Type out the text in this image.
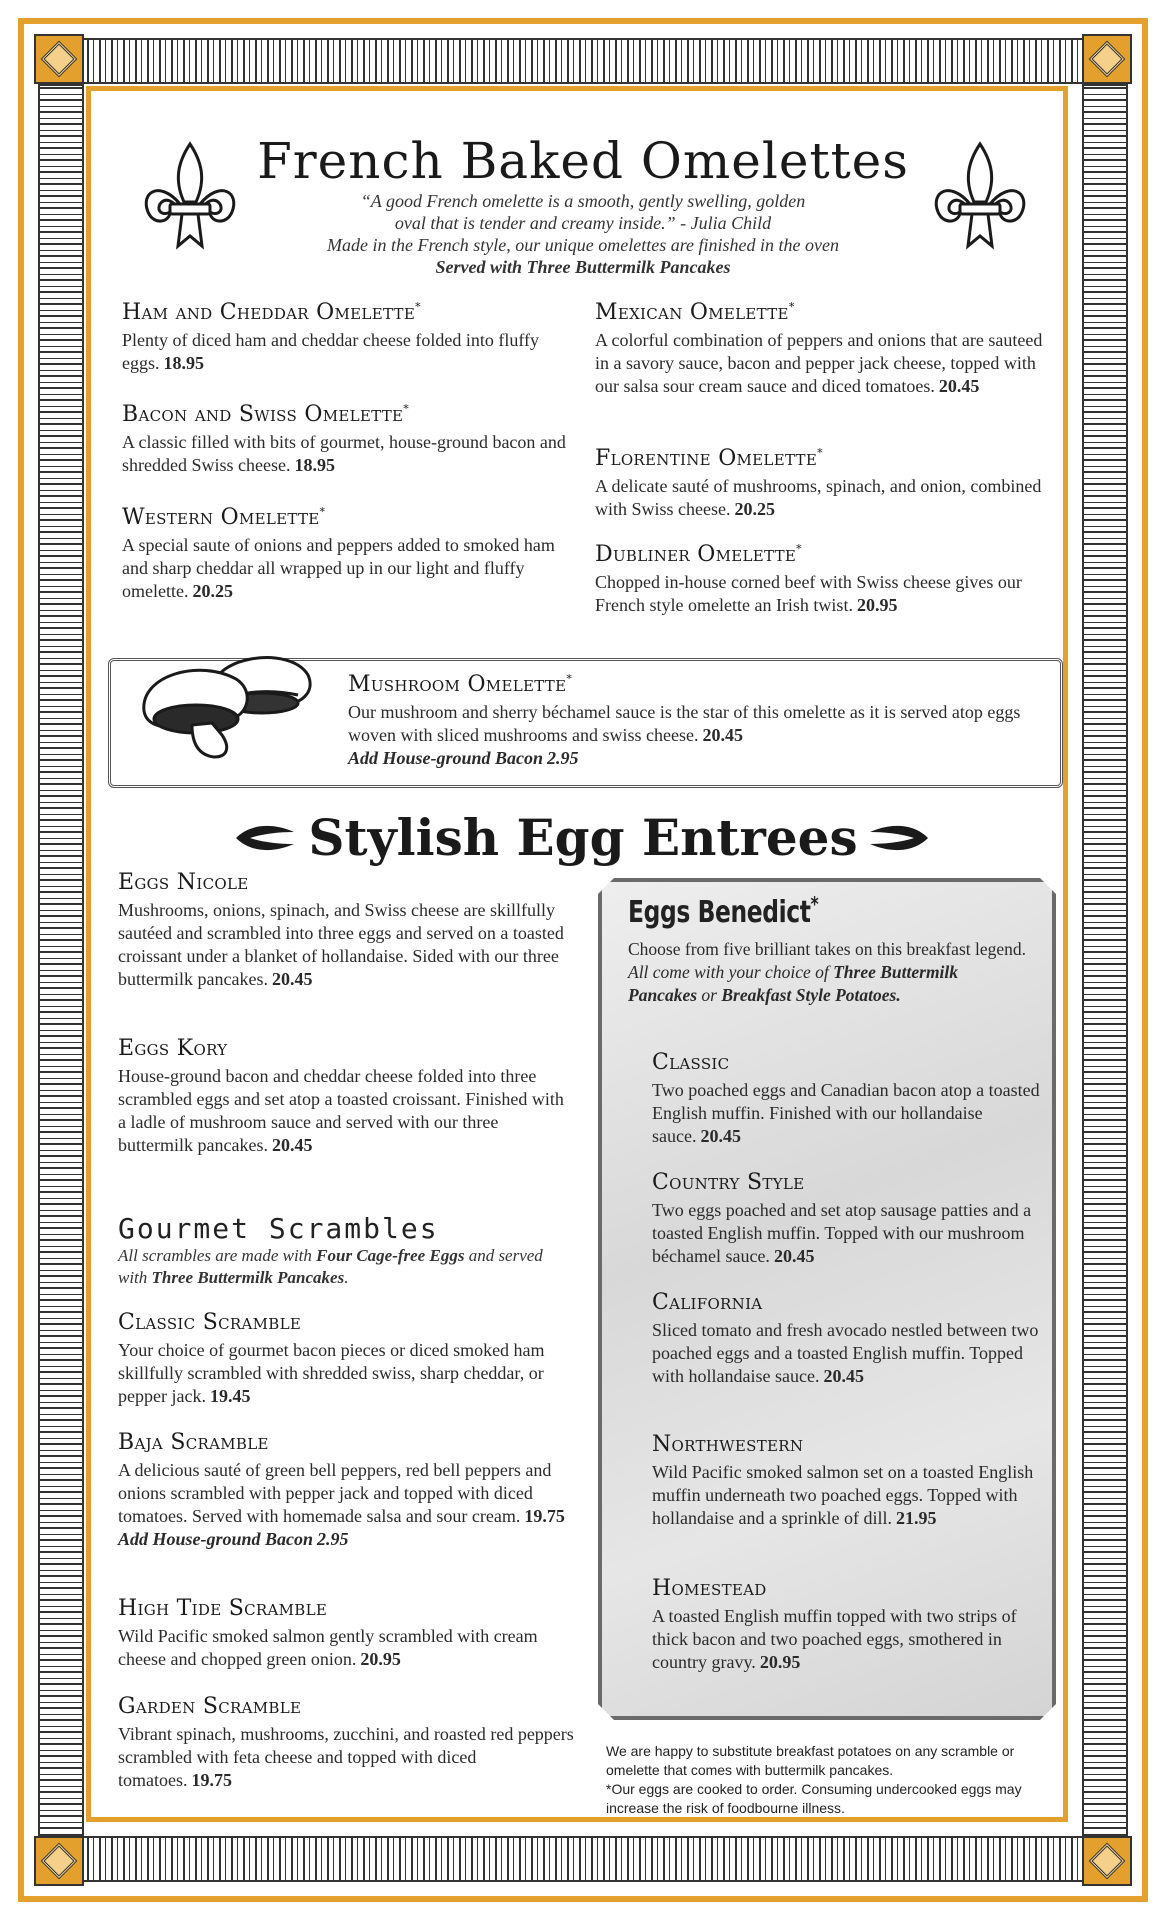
French Baked Omelettes
“A good French omelette is a smooth, gently swelling, golden
oval that is tender and creamy inside.” - Julia Child
Made in the French style, our unique omelettes are finished in the oven
Served with Three Buttermilk Pancakes
Ham and Cheddar Omelette*

Plenty of diced ham and cheddar cheese folded into fluffy eggs. 18.95

Bacon and Swiss Omelette*

A classic filled with bits of gourmet, house-ground bacon and shredded Swiss cheese. 18.95

Western Omelette*

A special saute of onions and peppers added to smoked ham and sharp cheddar all wrapped up in our light and fluffy omelette. 20.25

Mexican Omelette*

A colorful combination of peppers and onions that are sauteed in a savory sauce, bacon and pepper jack cheese, topped with our salsa sour cream sauce and diced tomatoes. 20.45

Florentine Omelette*

A delicate sauté of mushrooms, spinach, and onion, combined with Swiss cheese. 20.25

Dubliner Omelette*

Chopped in-house corned beef with Swiss cheese gives our French style omelette an Irish twist. 20.95

Mushroom Omelette*

Our mushroom and sherry béchamel sauce is the star of this omelette as it is served atop eggs woven with sliced mushrooms and swiss cheese. 20.45

Add House-ground Bacon 2.95

Stylish Egg Entrees
Eggs Nicole

Mushrooms, onions, spinach, and Swiss cheese are skillfully sautéed and scrambled into three eggs and served on a toasted croissant under a blanket of hollandaise. Sided with our three buttermilk pancakes. 20.45

Eggs Kory

House-ground bacon and cheddar cheese folded into three scrambled eggs and set atop a toasted croissant. Finished with a ladle of mushroom sauce and served with our three buttermilk pancakes. 20.45

Gourmet Scrambles
All scrambles are made with Four Cage-free Eggs and served with Three Buttermilk Pancakes.
Classic Scramble

Your choice of gourmet bacon pieces or diced smoked ham skillfully scrambled with shredded swiss, sharp cheddar, or pepper jack. 19.45

Baja Scramble

A delicious sauté of green bell peppers, red bell peppers and onions scrambled with pepper jack and topped with diced tomatoes. Served with homemade salsa and sour cream. 19.75

Add House-ground Bacon 2.95

High Tide Scramble

Wild Pacific smoked salmon gently scrambled with cream cheese and chopped green onion. 20.95

Garden Scramble

Vibrant spinach, mushrooms, zucchini, and roasted red peppers scrambled with feta cheese and topped with diced tomatoes. 19.75

Eggs Benedict*
Choose from five brilliant takes on this breakfast legend. All come with your choice of Three Buttermilk Pancakes or Breakfast Style Potatoes.
Classic

Two poached eggs and Canadian bacon atop a toasted English muffin. Finished with our hollandaise sauce. 20.45

Country Style

Two eggs poached and set atop sausage patties and a toasted English muffin. Topped with our mushroom béchamel sauce. 20.45

California

Sliced tomato and fresh avocado nestled between two poached eggs and a toasted English muffin. Topped with hollandaise sauce. 20.45

Northwestern

Wild Pacific smoked salmon set on a toasted English muffin underneath two poached eggs. Topped with hollandaise and a sprinkle of dill. 21.95

Homestead

A toasted English muffin topped with two strips of thick bacon and two poached eggs, smothered in country gravy. 20.95

We are happy to substitute breakfast potatoes on any scramble or omelette that comes with buttermilk pancakes.
*Our eggs are cooked to order. Consuming undercooked eggs may increase the risk of foodbourne illness.
